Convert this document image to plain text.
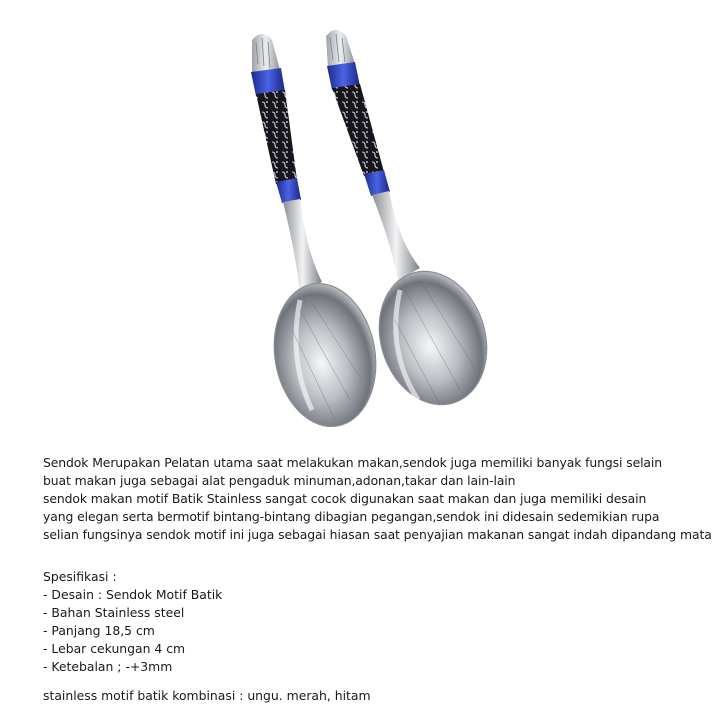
Sendok Merupakan Pelatan utama saat melakukan makan,sendok juga memiliki banyak fungsi selain

buat makan juga sebagai alat pengaduk minuman,adonan,takar dan lain-lain

sendok makan motif Batik Stainless sangat cocok digunakan saat makan dan juga memiliki desain

yang elegan serta bermotif bintang-bintang dibagian pegangan,sendok ini didesain sedemikian rupa

selian fungsinya sendok motif ini juga sebagai hiasan saat penyajian makanan sangat indah dipandang mata

Spesifikasi :
- Desain : Sendok Motif Batik
- Bahan Stainless steel
- Panjang 18,5 cm
- Lebar cekungan 4 cm
- Ketebalan ; -+3mm
stainless motif batik kombinasi : ungu. merah, hitam
